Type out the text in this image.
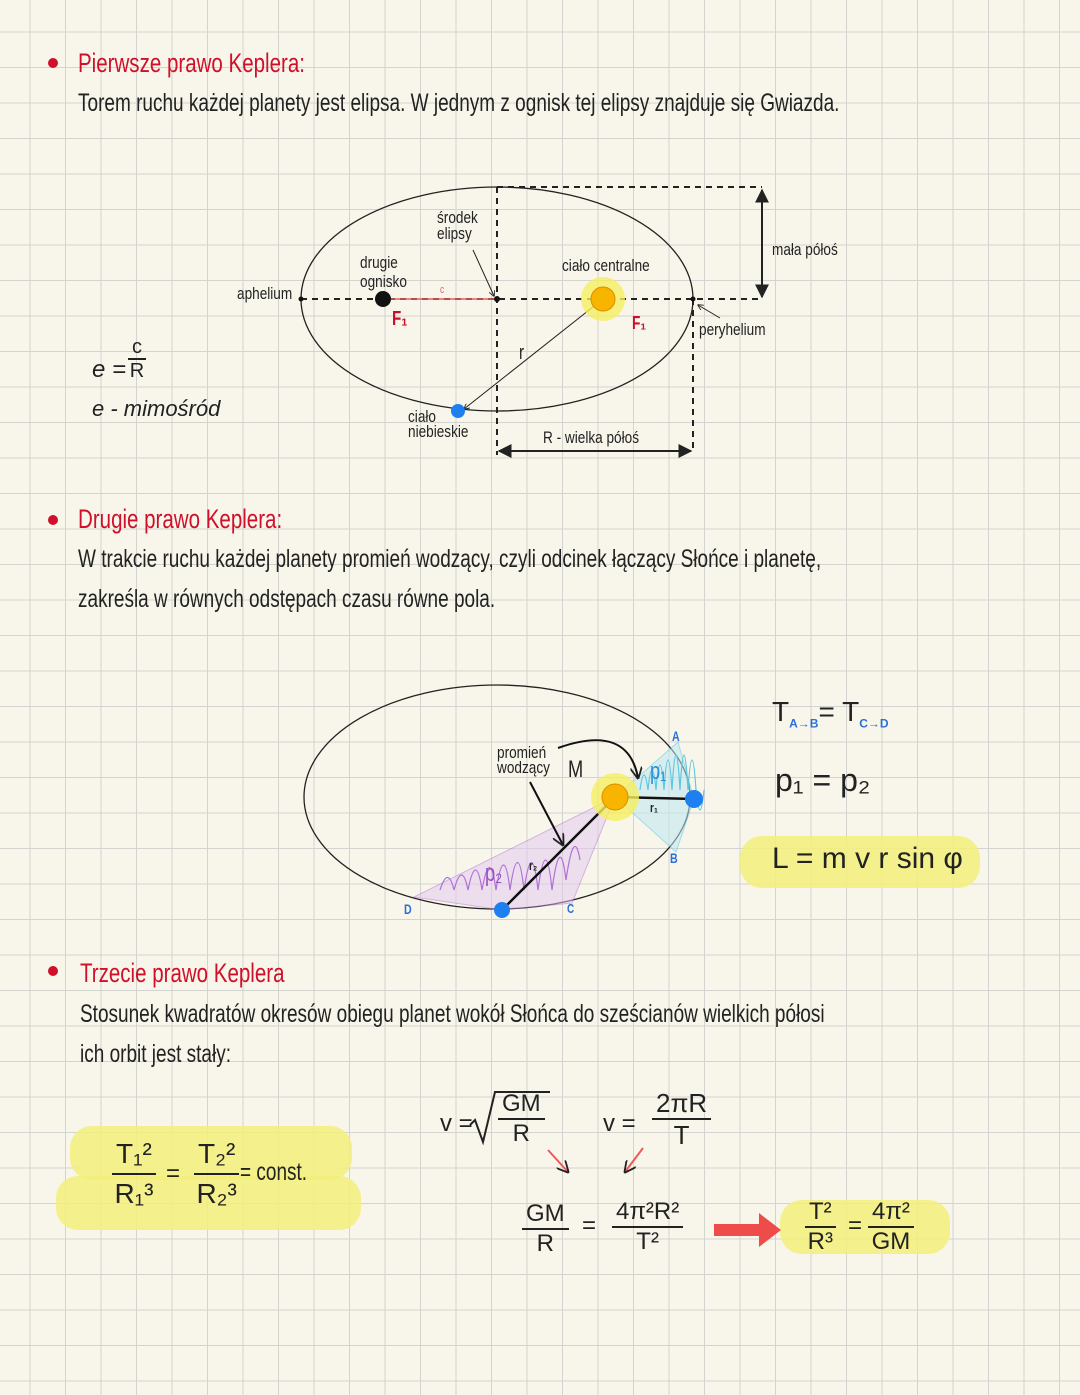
Pierwsze prawo Keplera:
Torem ruchu każdej planety jest elipsa. W jednym z ognisk tej elipsy znajduje się Gwiazda.
środek
elipsy
drugie
ognisko	c
aphelium
F₁	F₁
ciało centralne
mała półoś
peryhelium
r
ciało
niebieskie	R - wielka półoś
$e = \frac{c}{R}$
e - mimośród
Drugie prawo Keplera:
W trakcie ruchu każdej planety promień wodzący, czyli odcinek łączący Słońce i planetę,
zakreśla w równych odstępach czasu równe pola.
promień
wodzący M	p₁
p₂
r₁
r₂
A
B
C
D
$T_{A\to B}= T_{C\to D}$
p₁ = p₂
L = m v r sin φ
Trzecie prawo Keplera
Stosunek kwadratów okresów obiegu planet wokół Słońca do sześcianów wielkich półosi
ich orbit jest stały:
$\frac{\text{T₁²}}{\text{R₁³}} = \frac{\text{T₂²}}{\text{R₂³}}$ = const.
$v = \frac{GM}{R}$ $v = \frac{2\pi R}{T}$
$\frac{GM}{R} = \frac{\text{4π²R²}}{\text{T²}}$	$\frac{\text{T²}}{\text{R³}} = \frac{\text{4π²}}{GM}$
